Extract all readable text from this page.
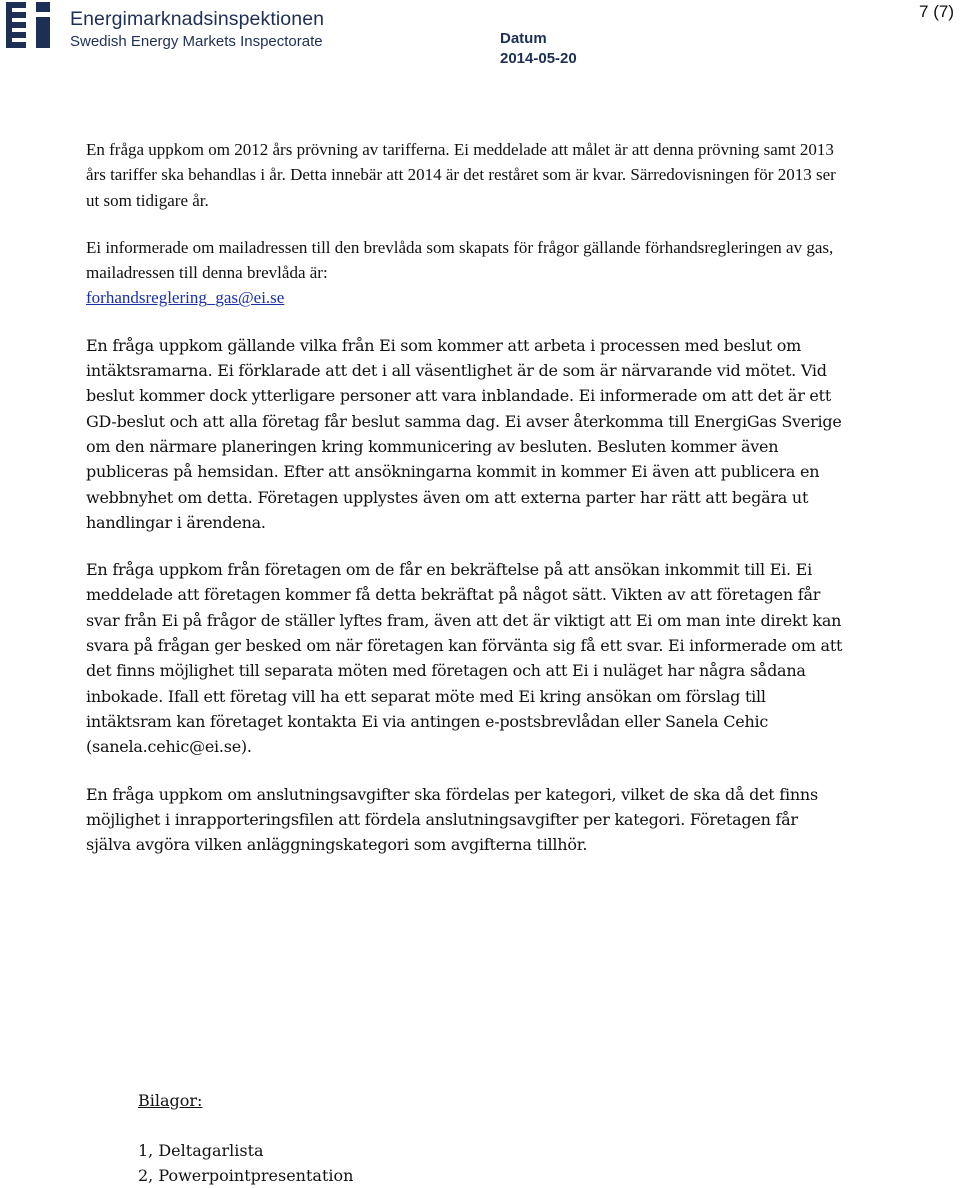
Energimarknadsinspektionen
Swedish Energy Markets Inspectorate	Datum
2014-05-20
7 (7)

En fråga uppkom om 2012 års prövning av tarifferna. Ei meddelade att målet är att denna prövning samt 2013 års tariffer ska behandlas i år. Detta innebär att 2014 är det reståret som är kvar. Särredovisningen för 2013 ser ut som tidigare år.

Ei informerade om mailadressen till den brevlåda som skapats för frågor gällande förhandsregleringen av gas, mailadressen till denna brevlåda är:
forhandsreglering_gas@ei.se

En fråga uppkom gällande vilka från Ei som kommer att arbeta i processen med beslut om intäktsramarna. Ei förklarade att det i all väsentlighet är de som är närvarande vid mötet. Vid beslut kommer dock ytterligare personer att vara inblandade. Ei informerade om att det är ett GD-beslut och att alla företag får beslut samma dag. Ei avser återkomma till EnergiGas Sverige om den närmare planeringen kring kommunicering av besluten. Besluten kommer även publiceras på hemsidan. Efter att ansökningarna kommit in kommer Ei även att publicera en webbnyhet om detta. Företagen upplystes även om att externa parter har rätt att begära ut handlingar i ärendena.

En fråga uppkom från företagen om de får en bekräftelse på att ansökan inkommit till Ei. Ei meddelade att företagen kommer få detta bekräftat på något sätt. Vikten av att företagen får svar från Ei på frågor de ställer lyftes fram, även att det är viktigt att Ei om man inte direkt kan svara på frågan ger besked om när företagen kan förvänta sig få ett svar. Ei informerade om att det finns möjlighet till separata möten med företagen och att Ei i nuläget har några sådana inbokade. Ifall ett företag vill ha ett separat möte med Ei kring ansökan om förslag till intäktsram kan företaget kontakta Ei via antingen e-postsbrevlådan eller Sanela Cehic (sanela.cehic@ei.se).

En fråga uppkom om anslutningsavgifter ska fördelas per kategori, vilket de ska då det finns möjlighet i inrapporteringsfilen att fördela anslutningsavgifter per kategori. Företagen får själva avgöra vilken anläggningskategori som avgifterna tillhör.

Bilagor:
1, Deltagarlista
2, Powerpointpresentation
